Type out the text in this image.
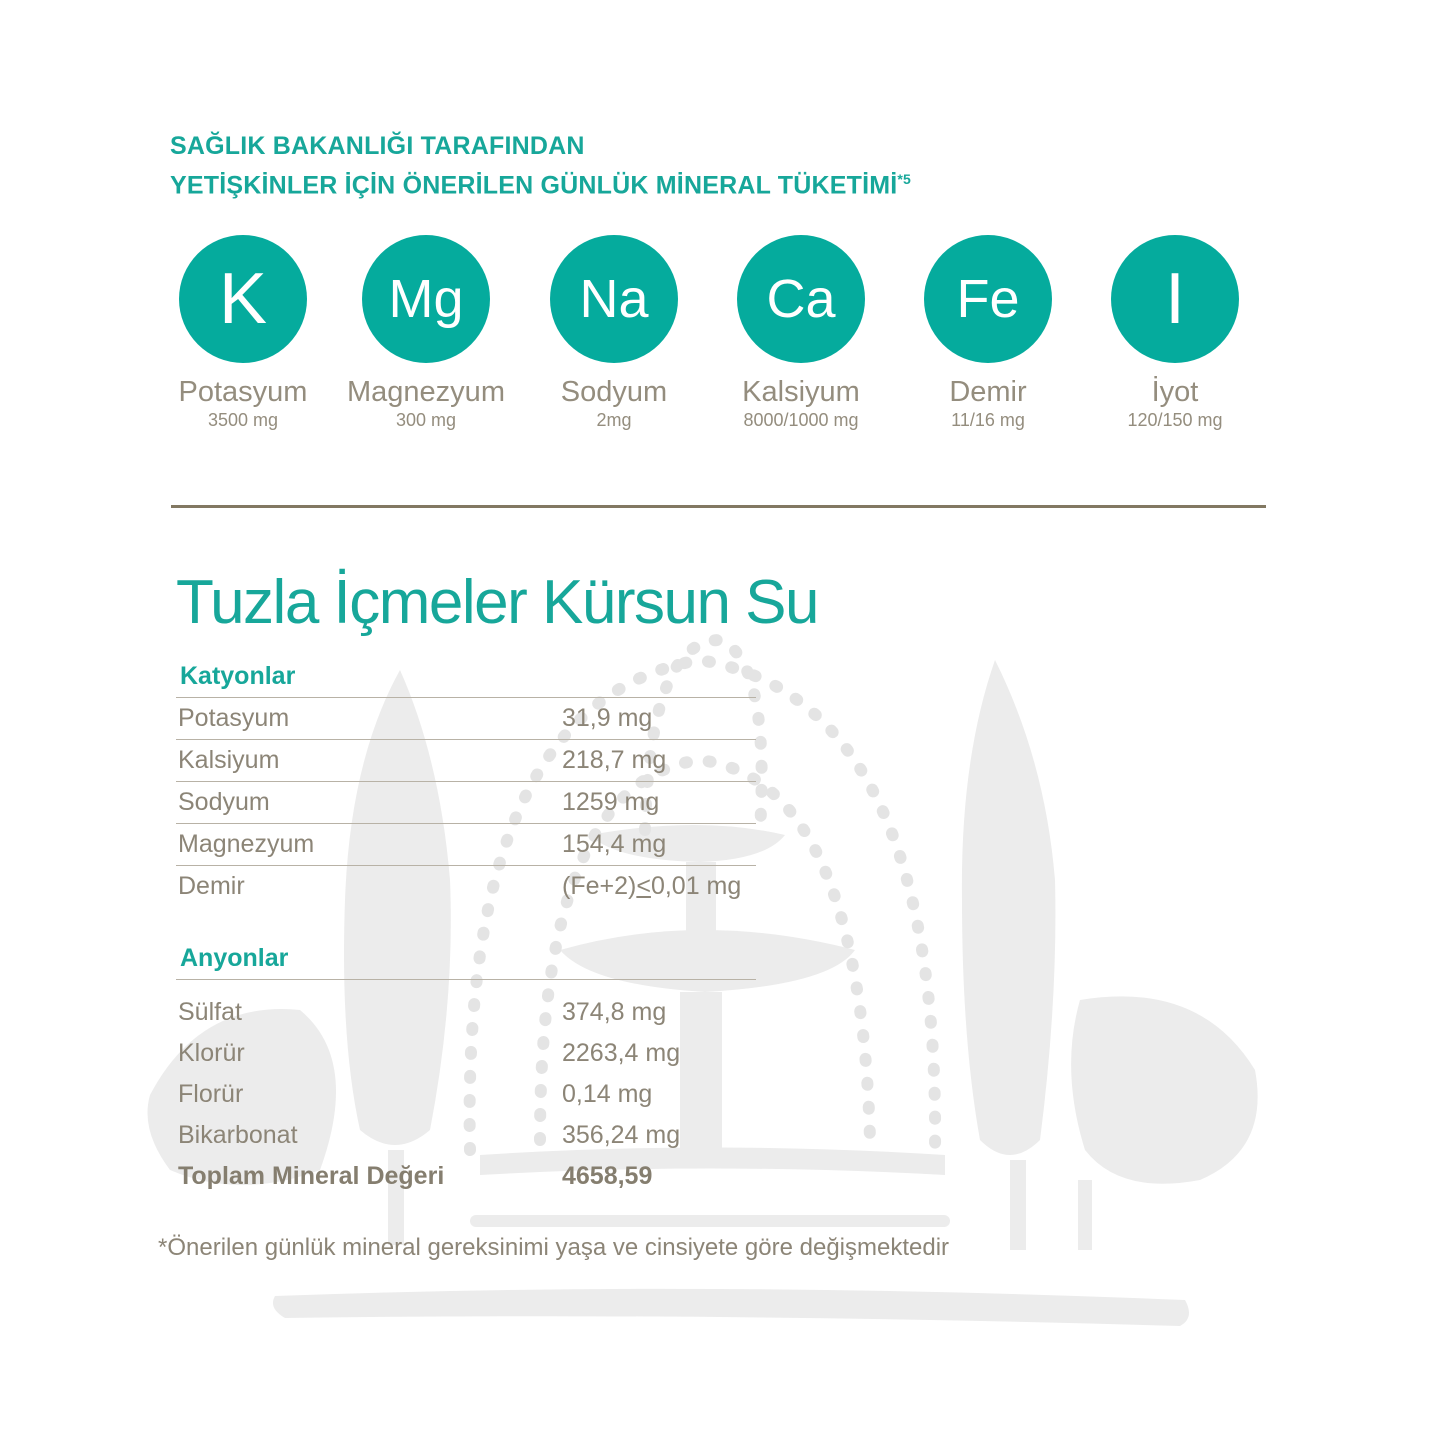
SAĞLIK BAKANLIĞI TARAFINDAN
YETİŞKİNLER İÇİN ÖNERİLEN GÜNLÜK MİNERAL TÜKETİMİ$^{*5}$
K
Potasyum
3500 mg
Mg
Magnezyum
300 mg
Na
Sodyum
2mg
Ca
Kalsiyum
8000/1000 mg
Fe
Demir
11/16 mg
I
İyot
120/150 mg
Tuzla İçmeler Kürsun Su
Katyonlar
Potasyum	31,9 mg
Kalsiyum	218,7 mg
Sodyum	1259 mg
Magnezyum	154,4 mg
Demir	(Fe+2)≤0,01 mg
Anyonlar
Sülfat	374,8 mg
Klorür	2263,4 mg
Florür	0,14 mg
Bikarbonat	356,24 mg
Toplam Mineral Değeri	4658,59
*Önerilen günlük mineral gereksinimi yaşa ve cinsiyete göre değişmektedir
